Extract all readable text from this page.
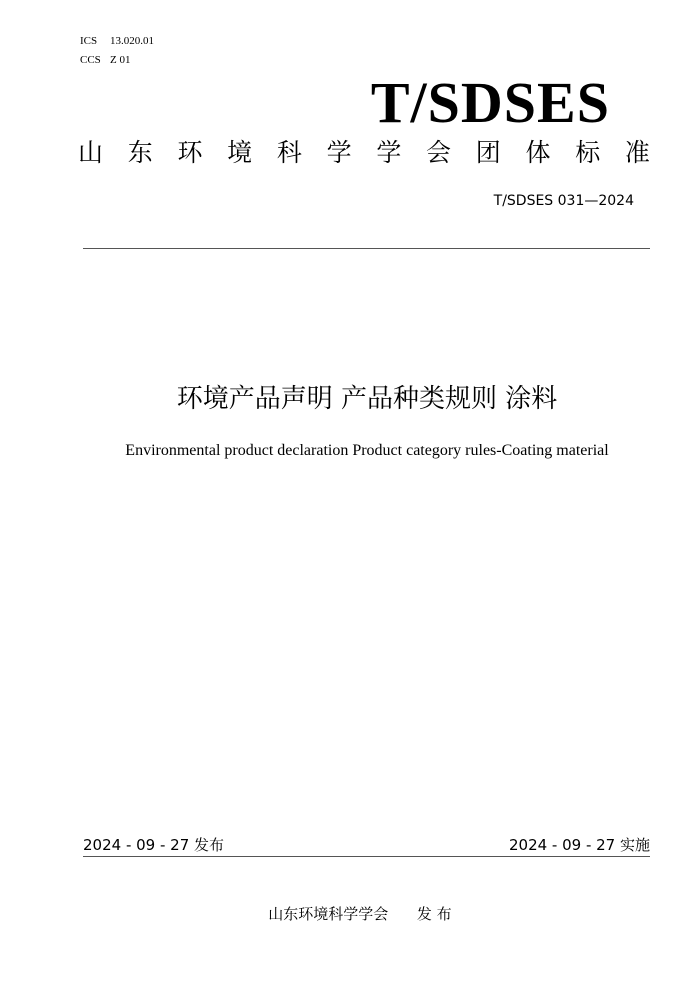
ICS 13.020.01
CCS Z 01
T/SDSES
山 东 环 境 科 学 学 会 团 体 标 准
T/SDSES 031—2024
环境产品声明 产品种类规则 涂料
Environmental product declaration Product category rules-Coating material
2024 - 09 - 27 发布	2024 - 09 - 27 实施
山东环境科学学会      发 布
